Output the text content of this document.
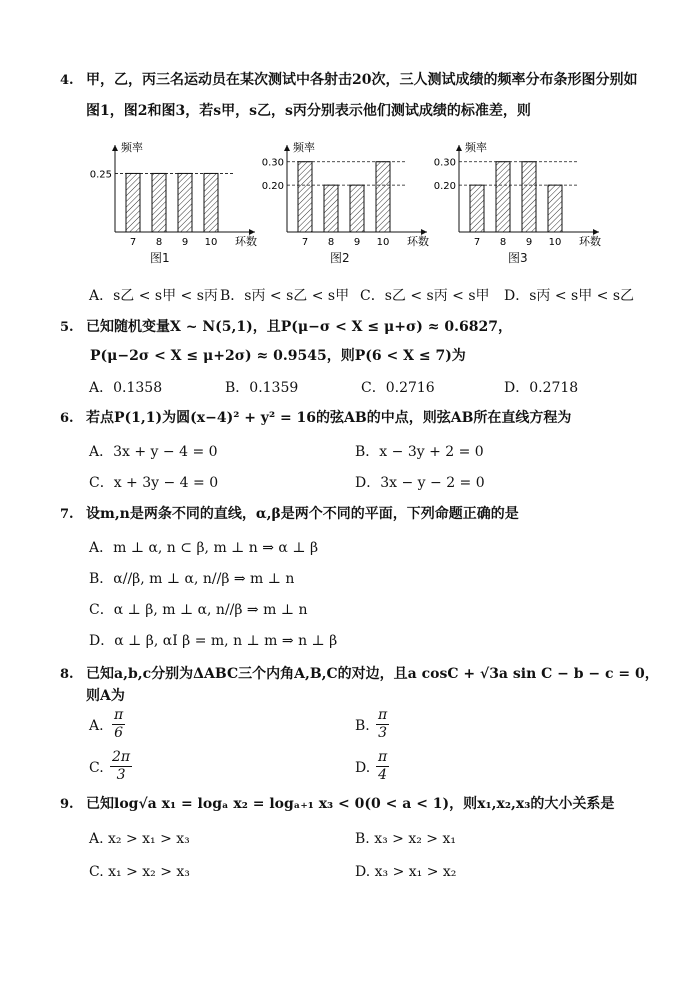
4. 甲，乙，丙三名运动员在某次测试中各射击20次，三人测试成绩的频率分布条形图分别如
图1，图2和图3，若s甲，s乙，s丙分别表示他们测试成绩的标准差，则
频率
环数
0.25
7 8 9 10
频率
环数
0.30
0.20
7 8 9 10
频率
环数
0.30
0.20
7 8 9 10
图1	图2	图3
A．s乙 < s甲 < s丙 B．s丙 < s乙 < s甲 C．s乙 < s丙 < s甲 D．s丙 < s甲 < s乙
5. 已知随机变量X ~ N(5,1)，且P(μ−σ < X ≤ μ+σ) ≈ 0.6827，
P(μ−2σ < X ≤ μ+2σ) ≈ 0.9545，则P(6 < X ≤ 7)为
A．0.1358	B．0.1359	C．0.2716	D．0.2718
6. 若点P(1,1)为圆(x−4)² + y² = 16的弦AB的中点，则弦AB所在直线方程为
A．3x + y − 4 = 0	B．x − 3y + 2 = 0
C．x + 3y − 4 = 0	D．3x − y − 2 = 0
7. 设m,n是两条不同的直线，α,β是两个不同的平面，下列命题正确的是
A．m ⊥ α, n ⊂ β, m ⊥ n ⇒ α ⊥ β
B．α//β, m ⊥ α, n//β ⇒ m ⊥ n
C．α ⊥ β, m ⊥ α, n//β ⇒ m ⊥ n
D．α ⊥ β, αI β = m, n ⊥ m ⇒ n ⊥ β
8. 已知a,b,c分别为ΔABC三个内角A,B,C的对边，且a cosC + √3a sin C − b − c = 0，
则A为
A. $\frac{\pi}{6}$	B. $\frac{\pi}{3}$
C. $\frac{2\pi}{3}$	D. $\frac{\pi}{4}$
9. 已知log√a x₁ = logₐ x₂ = logₐ₊₁ x₃ < 0(0 < a < 1)，则x₁,x₂,x₃的大小关系是
A. x₂ > x₁ > x₃	B. x₃ > x₂ > x₁
C. x₁ > x₂ > x₃	D. x₃ > x₁ > x₂
